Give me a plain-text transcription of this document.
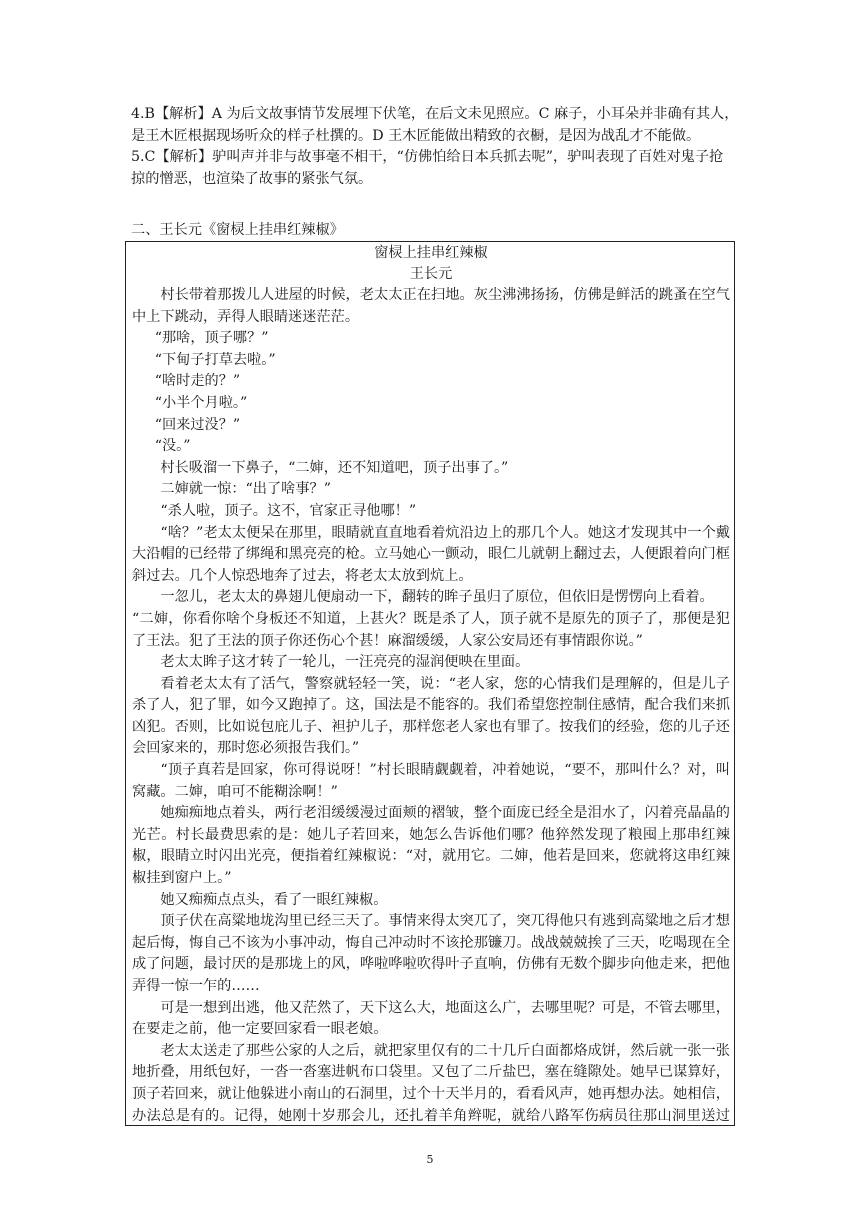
4.B【解析】A 为后文故事情节发展埋下伏笔，在后文未见照应。C 麻子，小耳朵并非确有其人，是王木匠根据现场听众的样子杜撰的。D 王木匠能做出精致的衣橱，是因为战乱才不能做。

5.C【解析】驴叫声并非与故事毫不相干，“仿佛怕给日本兵抓去呢”，驴叫表现了百姓对鬼子抢 掠的憎恶，也渲染了故事的紧张气氛。

二、王长元《窗棂上挂串红辣椒》

窗棂上挂串红辣椒

王长元

村长带着那拨儿人进屋的时候，老太太正在扫地。灰尘沸沸扬扬，仿佛是鲜活的跳蚤在空气中上下跳动，弄得人眼睛迷迷茫茫。

“那啥，顶子哪？”

“下甸子打草去啦。”

“啥时走的？”

“小半个月啦。”

“回来过没？”

“没。”

村长吸溜一下鼻子，“二婶，还不知道吧，顶子出事了。”

二婶就一惊：“出了啥事？”

“杀人啦，顶子。这不，官家正寻他哪！”

“啥？”老太太便呆在那里，眼睛就直直地看着炕沿边上的那几个人。她这才发现其中一个戴大沿帽的已经带了绑绳和黑亮亮的枪。立马她心一颤动，眼仁儿就朝上翻过去，人便跟着向门框斜过去。几个人惊恐地奔了过去，将老太太放到炕上。

一忽儿，老太太的鼻翅儿便扇动一下，翻转的眸子虽归了原位，但依旧是愣愣向上看着。

“二婶，你看你啥个身板还不知道，上甚火？既是杀了人，顶子就不是原先的顶子了，那便是犯了王法。犯了王法的顶子你还伤心个甚！麻溜缓缓，人家公安局还有事情跟你说。”

老太太眸子这才转了一轮儿，一汪亮亮的湿润便映在里面。

看着老太太有了活气，警察就轻轻一笑，说：“老人家，您的心情我们是理解的，但是儿子杀了人，犯了罪，如今又跑掉了。这，国法是不能容的。我们希望您控制住感情，配合我们来抓凶犯。否则，比如说包庇儿子、袒护儿子，那样您老人家也有罪了。按我们的经验，您的儿子还会回家来的，那时您必须报告我们。”

“顶子真若是回家，你可得说呀！”村长眼睛觑觑着，冲着她说，“要不，那叫什么？对，叫窝藏。二婶，咱可不能糊涂啊！”

她痴痴地点着头，两行老泪缓缓漫过面颊的褶皱，整个面庞已经全是泪水了，闪着亮晶晶的光芒。村长最费思索的是：她儿子若回来，她怎么告诉他们哪？他猝然发现了粮囤上那串红辣椒，眼睛立时闪出光亮，便指着红辣椒说：“对，就用它。二婶，他若是回来，您就将这串红辣椒挂到窗户上。”

她又痴痴点点头，看了一眼红辣椒。

顶子伏在高粱地垅沟里已经三天了。事情来得太突兀了，突兀得他只有逃到高粱地之后才想起后悔，悔自己不该为小事冲动，悔自己冲动时不该抡那镰刀。战战兢兢挨了三天，吃喝现在全成了问题，最讨厌的是那垅上的风，哗啦哗啦吹得叶子直响，仿佛有无数个脚步向他走来，把他弄得一惊一乍的……

可是一想到出逃，他又茫然了，天下这么大，地面这么广，去哪里呢？可是，不管去哪里，在要走之前，他一定要回家看一眼老娘。

老太太送走了那些公家的人之后，就把家里仅有的二十几斤白面都烙成饼，然后就一张一张地折叠，用纸包好，一沓一沓塞进帆布口袋里。又包了二斤盐巴，塞在缝隙处。她早已谋算好，顶子若回来，就让他躲进小南山的石洞里，过个十天半月的，看看风声，她再想办法。她相信，办法总是有的。记得，她刚十岁那会儿，还扎着羊角辫呢，就给八路军伤病员往那山洞里送过

5
